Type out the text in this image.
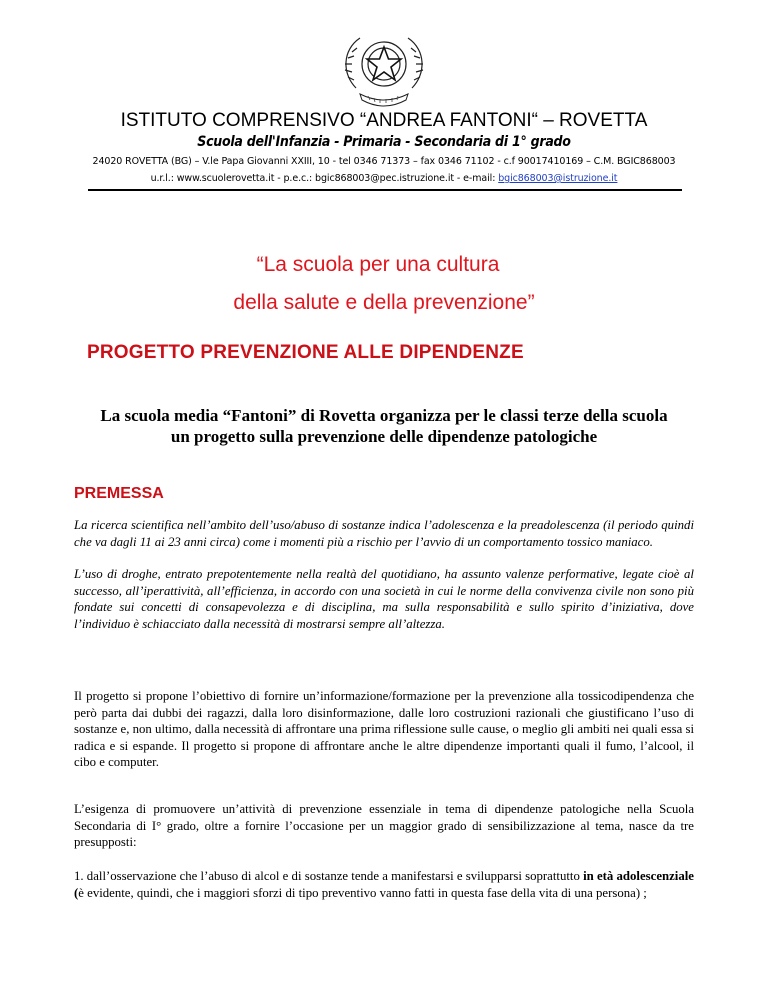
ISTITUTO COMPRENSIVO “ANDREA FANTONI“ – ROVETTA
Scuola dell'Infanzia - Primaria - Secondaria di 1° grado
24020 ROVETTA (BG) – V.le Papa Giovanni XXIII, 10 - tel 0346 71373 – fax 0346 71102 - c.f 90017410169 – C.M. BGIC868003
u.r.l.: www.scuolerovetta.it - p.e.c.: bgic868003@pec.istruzione.it - e-mail: bgic868003@istruzione.it
“La scuola per una cultura
della salute e della prevenzione”
PROGETTO PREVENZIONE ALLE DIPENDENZE
La scuola media “Fantoni” di Rovetta organizza per le classi terze della scuola un progetto sulla prevenzione delle dipendenze patologiche
PREMESSA
La ricerca scientifica nell’ambito dell’uso/abuso di sostanze indica l’adolescenza e la preadolescenza (il periodo quindi che va dagli 11 ai 23 anni circa) come i momenti più a rischio per l’avvio di un comportamento tossico maniaco.
L’uso di droghe, entrato prepotentemente nella realtà del quotidiano, ha assunto valenze performative, legate cioè al successo, all’iperattività, all’efficienza, in accordo con una società in cui le norme della convivenza civile non sono più fondate sui concetti di consapevolezza e di disciplina, ma sulla responsabilità e sullo spirito d’iniziativa, dove l’individuo è schiacciato dalla necessità di mostrarsi sempre all’altezza.
Il progetto si propone l’obiettivo di fornire un’informazione/formazione per la prevenzione alla tossicodipendenza che però parta dai dubbi dei ragazzi, dalla loro disinformazione, dalle loro costruzioni razionali che giustificano l’uso di sostanze e, non ultimo, dalla necessità di affrontare una prima riflessione sulle cause, o meglio gli ambiti nei quali essa si radica e si espande. Il progetto si propone di affrontare anche le altre dipendenze importanti quali il fumo, l’alcool, il cibo e computer.
L’esigenza di promuovere un’attività di prevenzione essenziale in tema di dipendenze patologiche nella Scuola Secondaria di I° grado, oltre a fornire l’occasione per un maggior grado di sensibilizzazione al tema, nasce da tre presupposti:
1. dall’osservazione che l’abuso di alcol e di sostanze tende a manifestarsi e svilupparsi soprattutto in età adolescenziale (è evidente, quindi, che i maggiori sforzi di tipo preventivo vanno fatti in questa fase della vita di una persona) ;
